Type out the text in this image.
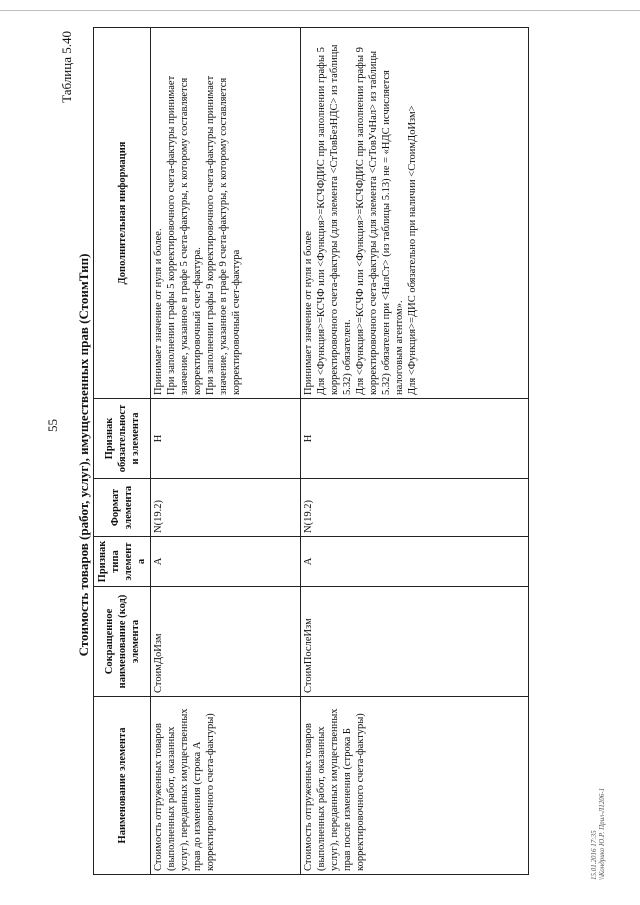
55
Таблица 5.40
Стоимость товаров (работ, услуг), имущественных прав (СтоимТип)
Наименование элемента	Сокращенное наименование (код) элемента	Признак типа элемента	Формат элемента	Признак обязательности элемента	Дополнительная информация
Стоимость отгруженных товаров (выполненных работ, оказанных услуг), переданных имущественных прав до изменения (строка А корректировочного счета-фактуры)	СтоимДоИзм	А	N(19.2)	Н	Принимает значение от нуля и более. При заполнении графы 5 корректировочного счета-фактуры принимает значение, указанное в графе 5 счета-фактуры, к которому составляется корректировочный счет-фактура. При заполнении графы 9 корректировочного счета-фактуры принимает значение, указанное в графе 9 счета-фактуры, к которому составляется корректировочный счет-фактура

Стоимость отгруженных товаров (выполненных работ, оказанных услуг), переданных имущественных прав после изменения (строка Б корректировочного счета-фактуры)	СтоимПослеИзм	А	N(19.2)	Н	Принимает значение от нуля и более Для <Функция>=КСЧФ или <Функция>=КСЧФДИС при заполнении графы 5 корректировочного счета-фактуры (для элемента <СтТовБезНДС> из таблицы 5.32) обязателен. Для <Функция>=КСЧФ или <Функция>=КСЧФДИС при заполнении графы 9 корректировочного счета-фактуры (для элемента <СтТовУчНал> из таблицы 5.32) обязателен при <НалСт> (из таблицы 5.13) не = «НДС исчисляется налоговым агентом». Для <Функция>=ДИС обязательно при наличии <СтоимДоИзм>
15.01.2016 17:35 \\Кондрико Ю.Р. Прил-Л1206-1
